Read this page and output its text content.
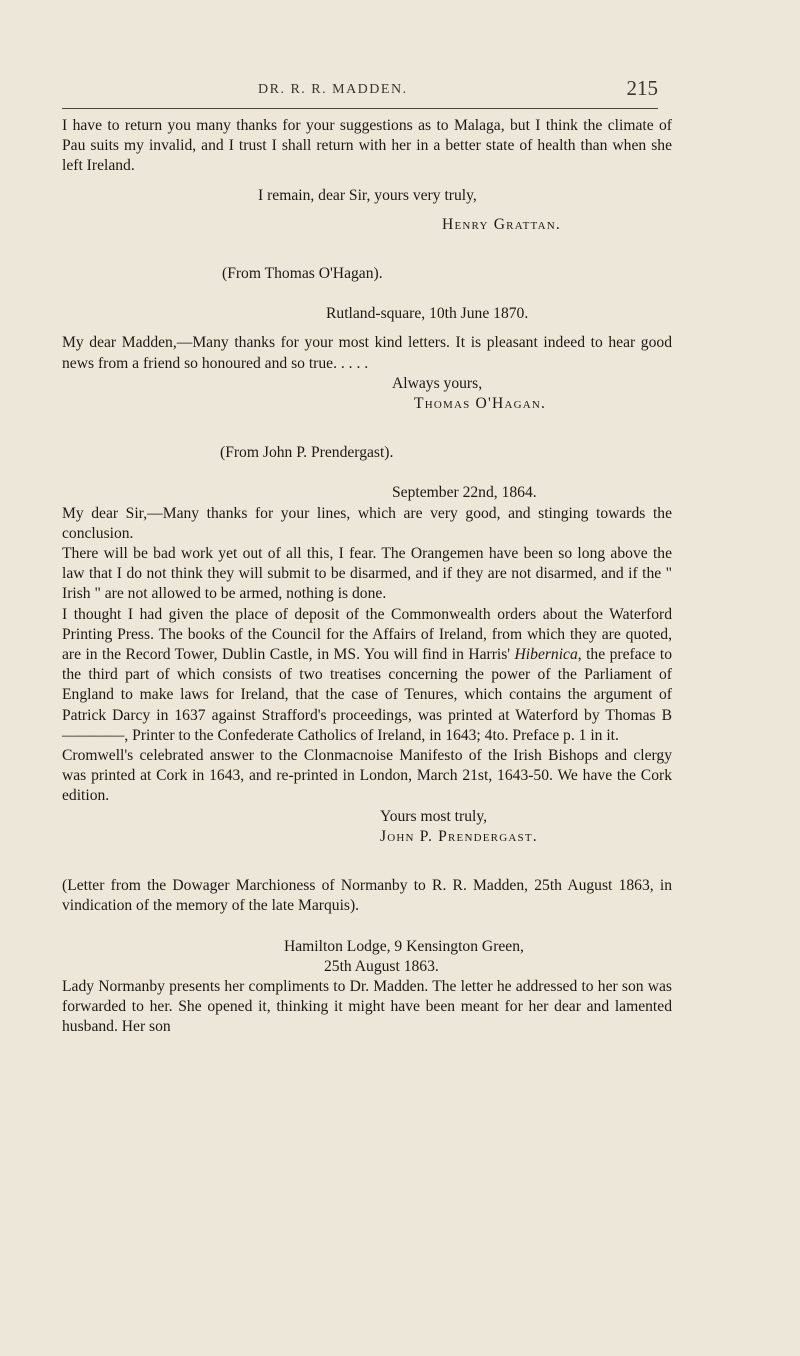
DR. R. R. MADDEN.	215

I have to return you many thanks for your suggestions as to Malaga, but I think the climate of Pau suits my invalid, and I trust I shall return with her in a better state of health than when she left Ireland.

I remain, dear Sir, yours very truly,

Henry Grattan.

(From Thomas O'Hagan).

Rutland-square, 10th June 1870.

My dear Madden,—Many thanks for your most kind letters. It is pleasant indeed to hear good news from a friend so honoured and so true. . . . .

Always yours,

Thomas O'Hagan.

(From John P. Prendergast).

September 22nd, 1864.

My dear Sir,—Many thanks for your lines, which are very good, and stinging towards the conclusion.

There will be bad work yet out of all this, I fear. The Orangemen have been so long above the law that I do not think they will submit to be disarmed, and if they are not disarmed, and if the " Irish " are not allowed to be armed, nothing is done.

I thought I had given the place of deposit of the Commonwealth orders about the Waterford Printing Press. The books of the Council for the Affairs of Ireland, from which they are quoted, are in the Record Tower, Dublin Castle, in MS. You will find in Harris' Hibernica, the preface to the third part of which consists of two treatises concerning the power of the Parliament of England to make laws for Ireland, that the case of Tenures, which contains the argument of Patrick Darcy in 1637 against Strafford's proceedings, was printed at Waterford by Thomas B————, Printer to the Confederate Catholics of Ireland, in 1643; 4to. Preface p. 1 in it.

Cromwell's celebrated answer to the Clonmacnoise Manifesto of the Irish Bishops and clergy was printed at Cork in 1643, and re-printed in London, March 21st, 1643-50. We have the Cork edition.

Yours most truly,

John P. Prendergast.

(Letter from the Dowager Marchioness of Normanby to R. R. Madden, 25th August 1863, in vindication of the memory of the late Marquis).

Hamilton Lodge, 9 Kensington Green,

25th August 1863.

Lady Normanby presents her compliments to Dr. Madden. The letter he addressed to her son was forwarded to her. She opened it, thinking it might have been meant for her dear and lamented husband. Her son
